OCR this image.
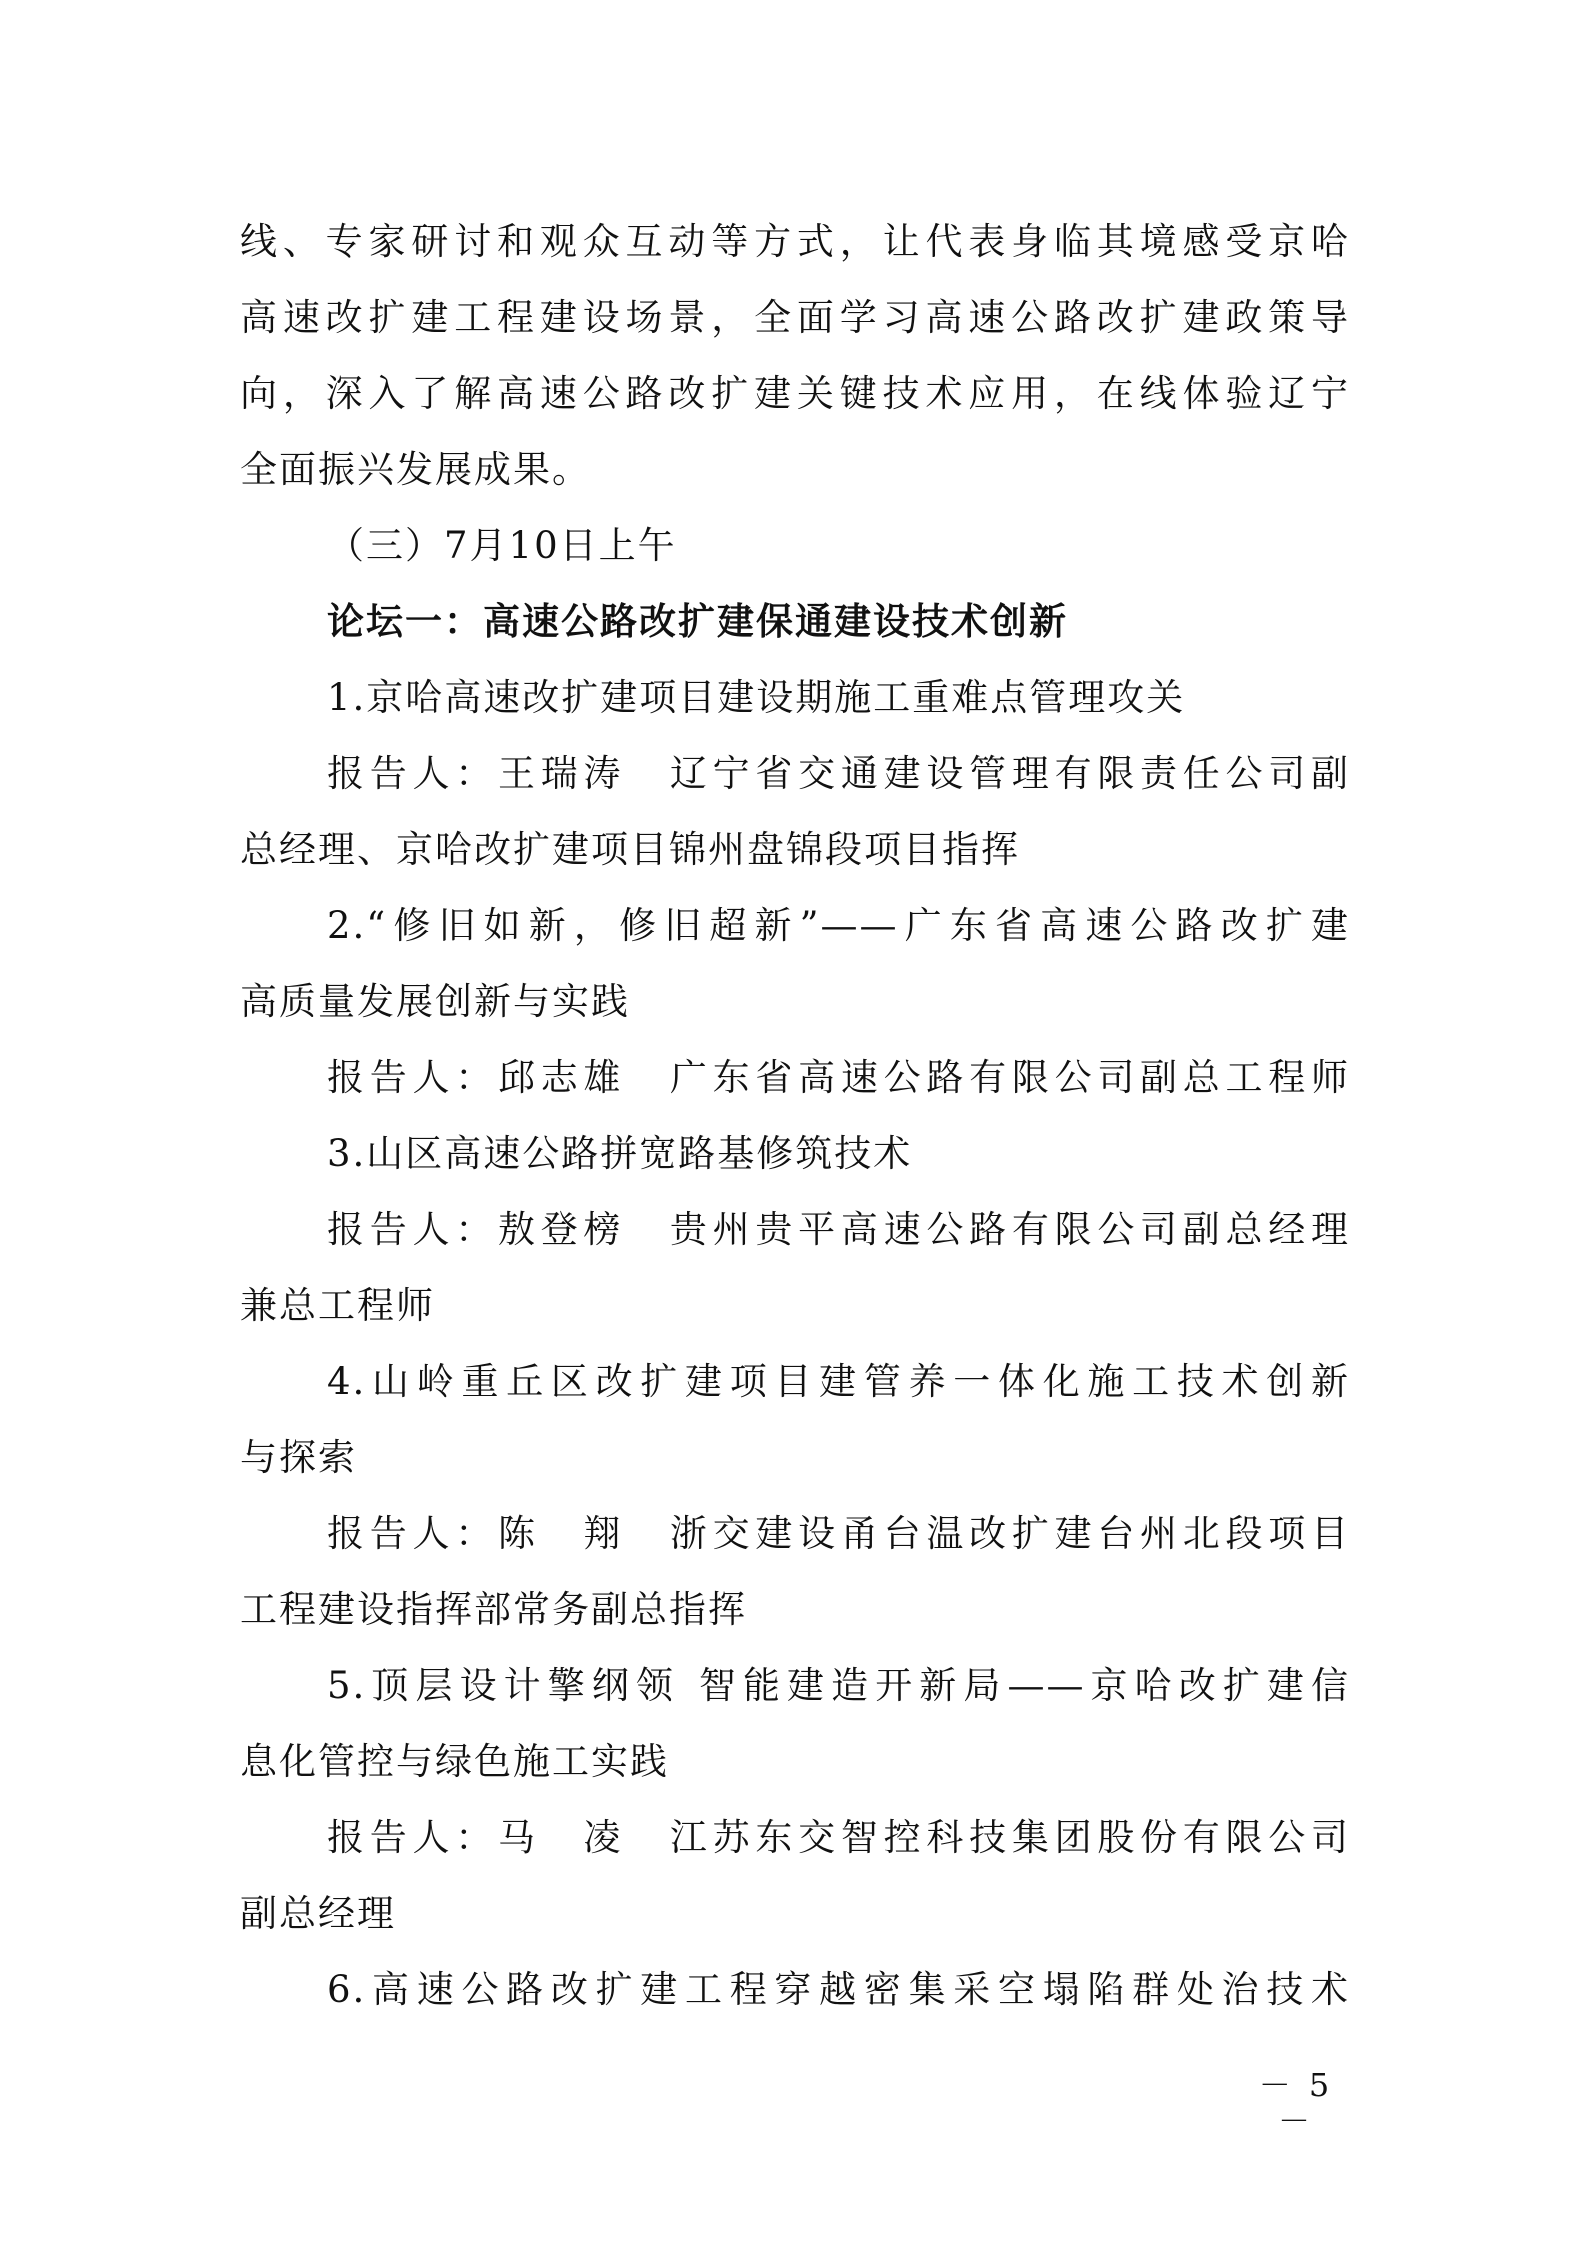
线、专家研讨和观众互动等方式，让代表身临其境感受京哈
高速改扩建工程建设场景，全面学习高速公路改扩建政策导
向，深入了解高速公路改扩建关键技术应用，在线体验辽宁
全面振兴发展成果。
（三）7月10日上午
论坛一：高速公路改扩建保通建设技术创新
1.京哈高速改扩建项目建设期施工重难点管理攻关
报告人：王瑞涛 辽宁省交通建设管理有限责任公司副
总经理、京哈改扩建项目锦州盘锦段项目指挥
2.“修旧如新，修旧超新”——广东省高速公路改扩建
高质量发展创新与实践
报告人：邱志雄 广东省高速公路有限公司副总工程师
3.山区高速公路拼宽路基修筑技术
报告人：敖登榜 贵州贵平高速公路有限公司副总经理
兼总工程师
4.山岭重丘区改扩建项目建管养一体化施工技术创新
与探索
报告人：陈　翔 浙交建设甬台温改扩建台州北段项目
工程建设指挥部常务副总指挥
5.顶层设计擎纲领 智能建造开新局——京哈改扩建信
息化管控与绿色施工实践
报告人：马　凌 江苏东交智控科技集团股份有限公司
副总经理
6.高速公路改扩建工程穿越密集采空塌陷群处治技术
－ 5 －
